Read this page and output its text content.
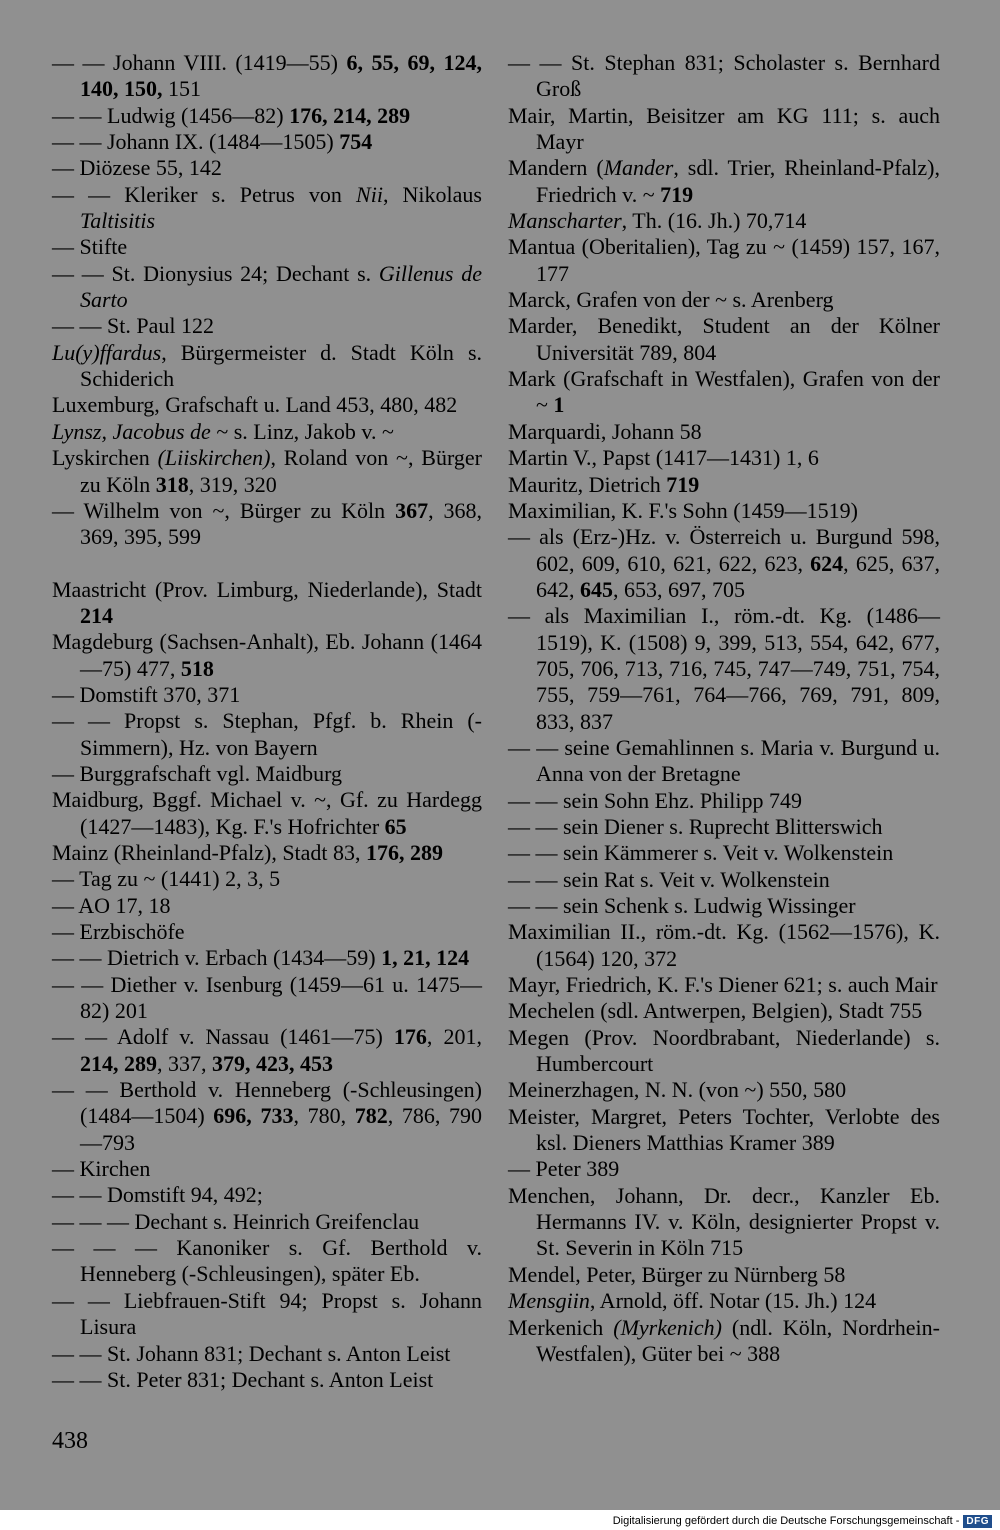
— — Johann VIII. (1419—55) 6, 55, 69, 124, 140, 150, 151
— — Ludwig (1456—82) 176, 214, 289
— — Johann IX. (1484—1505) 754
— Diözese 55, 142
— — Kleriker s. Petrus von Nii, Nikolaus Taltisitis
— Stifte
— — St. Dionysius 24; Dechant s. Gillenus de Sarto
— — St. Paul 122
Lu(y)ffardus, Bürgermeister d. Stadt Köln s. Schiderich
Luxemburg, Grafschaft u. Land 453, 480, 482
Lynsz, Jacobus de ~ s. Linz, Jakob v. ~
Lyskirchen (Liiskirchen), Roland von ~, Bürger zu Köln 318, 319, 320
— Wilhelm von ~, Bürger zu Köln 367, 368, 369, 395, 599
Maastricht (Prov. Limburg, Niederlande), Stadt 214
Magdeburg (Sachsen-Anhalt), Eb. Johann (1464—75) 477, 518
— Domstift 370, 371
— — Propst s. Stephan, Pfgf. b. Rhein (-Simmern), Hz. von Bayern
— Burggrafschaft vgl. Maidburg
Maidburg, Bggf. Michael v. ~, Gf. zu Hardegg (1427—1483), Kg. F.'s Hofrichter 65
Mainz (Rheinland-Pfalz), Stadt 83, 176, 289
— Tag zu ~ (1441) 2, 3, 5
— AO 17, 18
— Erzbischöfe
— — Dietrich v. Erbach (1434—59) 1, 21, 124
— — Diether v. Isenburg (1459—61 u. 1475—82) 201
— — Adolf v. Nassau (1461—75) 176, 201, 214, 289, 337, 379, 423, 453
— — Berthold v. Henneberg (-Schleusingen) (1484—1504) 696, 733, 780, 782, 786, 790—793
— Kirchen
— — Domstift 94, 492;
— — — Dechant s. Heinrich Greifenclau
— — — Kanoniker s. Gf. Berthold v. Henneberg (-Schleusingen), später Eb.
— — Liebfrauen-Stift 94; Propst s. Johann Lisura
— — St. Johann 831; Dechant s. Anton Leist
— — St. Peter 831; Dechant s. Anton Leist
— — St. Stephan 831; Scholaster s. Bernhard Groß
Mair, Martin, Beisitzer am KG 111; s. auch Mayr
Mandern (Mander, sdl. Trier, Rheinland-Pfalz), Friedrich v. ~ 719
Manscharter, Th. (16. Jh.) 70,714
Mantua (Oberitalien), Tag zu ~ (1459) 157, 167, 177
Marck, Grafen von der ~ s. Arenberg
Marder, Benedikt, Student an der Kölner Universität 789, 804
Mark (Grafschaft in Westfalen), Grafen von der ~ 1
Marquardi, Johann 58
Martin V., Papst (1417—1431) 1, 6
Mauritz, Dietrich 719
Maximilian, K. F.'s Sohn (1459—1519)
— als (Erz-)Hz. v. Österreich u. Burgund 598, 602, 609, 610, 621, 622, 623, 624, 625, 637, 642, 645, 653, 697, 705
— als Maximilian I., röm.-dt. Kg. (1486—1519), K. (1508) 9, 399, 513, 554, 642, 677, 705, 706, 713, 716, 745, 747—749, 751, 754, 755, 759—761, 764—766, 769, 791, 809, 833, 837
— — seine Gemahlinnen s. Maria v. Burgund u. Anna von der Bretagne
— — sein Sohn Ehz. Philipp 749
— — sein Diener s. Ruprecht Blitterswich
— — sein Kämmerer s. Veit v. Wolkenstein
— — sein Rat s. Veit v. Wolkenstein
— — sein Schenk s. Ludwig Wissinger
Maximilian II., röm.-dt. Kg. (1562—1576), K. (1564) 120, 372
Mayr, Friedrich, K. F.'s Diener 621; s. auch Mair
Mechelen (sdl. Antwerpen, Belgien), Stadt 755
Megen (Prov. Noordbrabant, Niederlande) s. Humbercourt
Meinerzhagen, N. N. (von ~) 550, 580
Meister, Margret, Peters Tochter, Verlobte des ksl. Dieners Matthias Kramer 389
— Peter 389
Menchen, Johann, Dr. decr., Kanzler Eb. Hermanns IV. v. Köln, designierter Propst v. St. Severin in Köln 715
Mendel, Peter, Bürger zu Nürnberg 58
Mensgiin, Arnold, öff. Notar (15. Jh.) 124
Merkenich (Myrkenich) (ndl. Köln, Nordrhein-Westfalen), Güter bei ~ 388
438
Digitalisierung gefördert durch die Deutsche Forschungsgemeinschaft - DFG
